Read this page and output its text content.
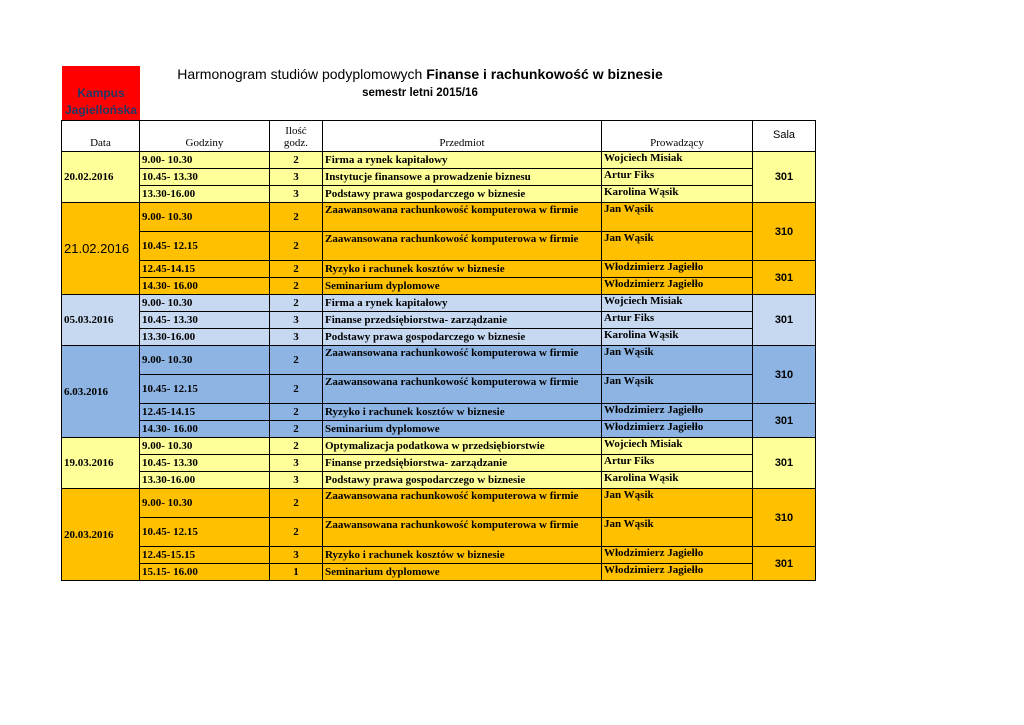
Kampus
Jagiellońska
Harmonogram studiów podyplomowych Finanse i rachunkowość w biznesie
semestr letni 2015/16
Data	Godziny	Ilość
godz.	Przedmiot	Prowadzący	Sala
20.02.2016	9.00- 10.30	2	Firma a rynek kapitałowy	Wojciech Misiak	301
	10.45- 13.30	3	Instytucje finansowe a prowadzenie biznesu	Artur Fiks	
	13.30-16.00	3	Podstawy prawa gospodarczego w biznesie	Karolina Wąsik	
21.02.2016	9.00- 10.30	2	Zaawansowana rachunkowość komputerowa w firmie	Jan Wąsik	310
	10.45- 12.15	2	Zaawansowana rachunkowość komputerowa w firmie	Jan Wąsik	
	12.45-14.15	2	Ryzyko i rachunek kosztów w biznesie	Włodzimierz Jagiełło	301
	14.30- 16.00	2	Seminarium dyplomowe	Włodzimierz Jagiełło	
05.03.2016	9.00- 10.30	2	Firma a rynek kapitałowy	Wojciech Misiak	301
	10.45- 13.30	3	Finanse przedsiębiorstwa- zarządzanie	Artur Fiks	
	13.30-16.00	3	Podstawy prawa gospodarczego w biznesie	Karolina Wąsik	
6.03.2016	9.00- 10.30	2	Zaawansowana rachunkowość komputerowa w firmie	Jan Wąsik	310
	10.45- 12.15	2	Zaawansowana rachunkowość komputerowa w firmie	Jan Wąsik	
	12.45-14.15	2	Ryzyko i rachunek kosztów w biznesie	Włodzimierz Jagiełło	301
	14.30- 16.00	2	Seminarium dyplomowe	Włodzimierz Jagiełło	
19.03.2016	9.00- 10.30	2	Optymalizacja podatkowa w przedsiębiorstwie	Wojciech Misiak	301
	10.45- 13.30	3	Finanse przedsiębiorstwa- zarządzanie	Artur Fiks	
	13.30-16.00	3	Podstawy prawa gospodarczego w biznesie	Karolina Wąsik	
20.03.2016	9.00- 10.30	2	Zaawansowana rachunkowość komputerowa w firmie	Jan Wąsik	310
	10.45- 12.15	2	Zaawansowana rachunkowość komputerowa w firmie	Jan Wąsik	
	12.45-15.15	3	Ryzyko i rachunek kosztów w biznesie	Włodzimierz Jagiełło	301
	15.15- 16.00	1	Seminarium dyplomowe	Włodzimierz Jagiełło	
